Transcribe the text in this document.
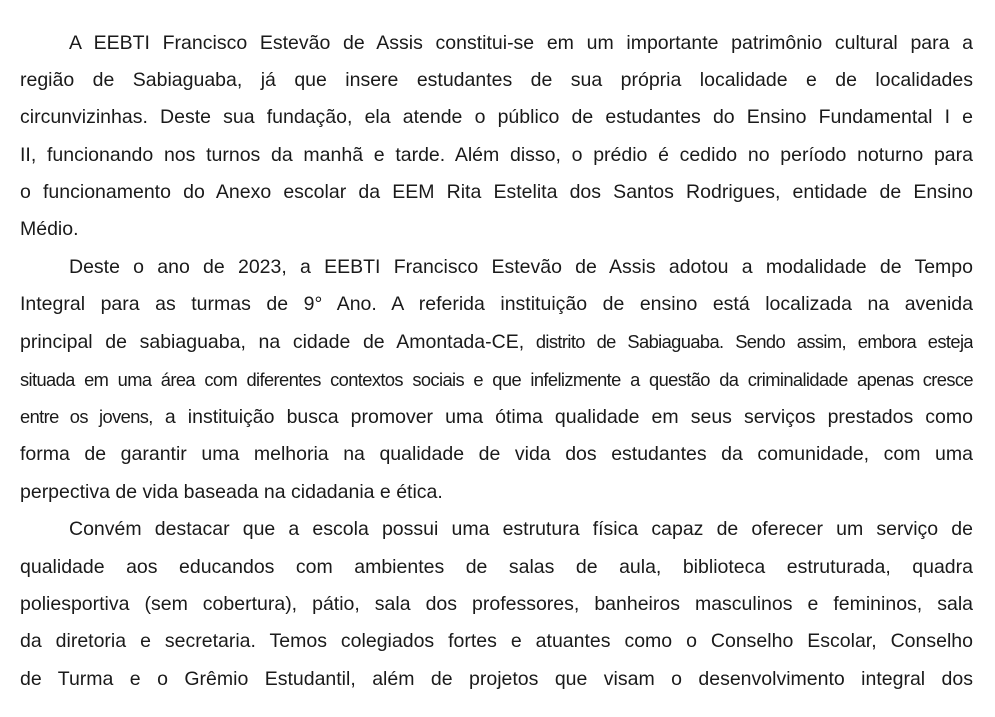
A EEBTI Francisco Estevão de Assis constitui-se em um importante patrimônio cultural para a

região de Sabiaguaba, já que insere estudantes de sua própria localidade e de localidades

circunvizinhas. Deste sua fundação, ela atende o público de estudantes do Ensino Fundamental I e

II, funcionando nos turnos da manhã e tarde. Além disso, o prédio é cedido no período noturno para

o funcionamento do Anexo escolar da EEM Rita Estelita dos Santos Rodrigues, entidade de Ensino

Médio.

Deste o ano de 2023, a EEBTI Francisco Estevão de Assis adotou a modalidade de Tempo

Integral para as turmas de 9° Ano. A referida instituição de ensino está localizada na avenida

principal de sabiaguaba, na cidade de Amontada-CE, distrito de Sabiaguaba. Sendo assim, embora esteja

situada em uma área com diferentes contextos sociais e que infelizmente a questão da criminalidade apenas cresce

entre os jovens, a instituição busca promover uma ótima qualidade em seus serviços prestados como

forma de garantir uma melhoria na qualidade de vida dos estudantes da comunidade, com uma

perpectiva de vida baseada na cidadania e ética.

Convém destacar que a escola possui uma estrutura física capaz de oferecer um serviço de

qualidade aos educandos com ambientes de salas de aula, biblioteca estruturada, quadra

poliesportiva (sem cobertura), pátio, sala dos professores, banheiros masculinos e femininos, sala

da diretoria e secretaria. Temos colegiados fortes e atuantes como o Conselho Escolar, Conselho

de Turma e o Grêmio Estudantil, além de projetos que visam o desenvolvimento integral dos
